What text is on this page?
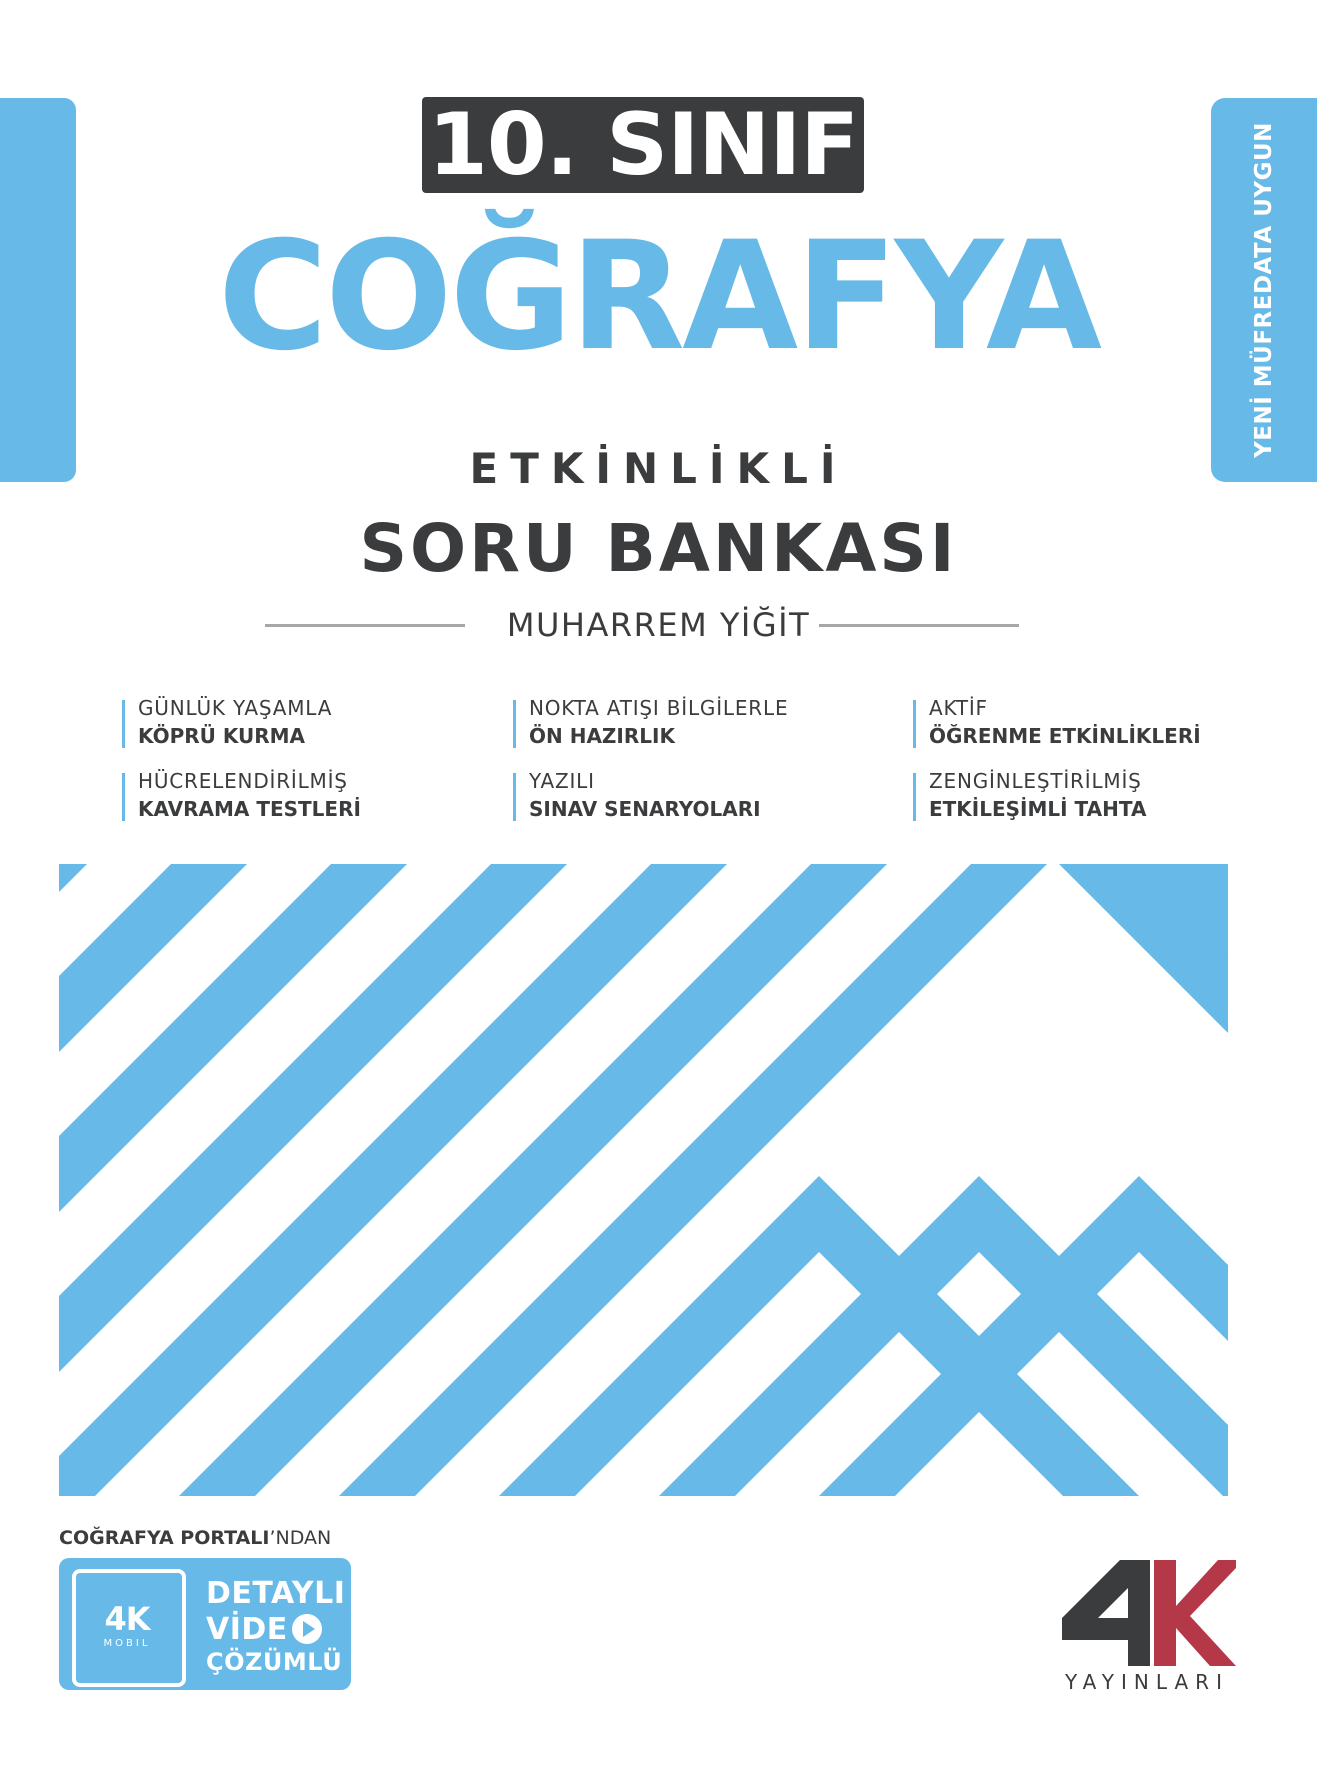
YENİ MÜFREDATA UYGUN
10. SINIF
COĞRAFYA
ETKİNLİKLİ
SORU BANKASI
MUHARREM YİĞİT
GÜNLÜK YAŞAMLA
KÖPRÜ KURMA
NOKTA ATIŞI BİLGİLERLE
ÖN HAZIRLIK
AKTİF
ÖĞRENME ETKİNLİKLERİ
HÜCRELENDİRİLMİŞ
KAVRAMA TESTLERİ
YAZILI
SINAV SENARYOLARI
ZENGİNLEŞTİRİLMİŞ
ETKİLEŞİMLİ TAHTA
COĞRAFYA PORTALI’NDAN
4K
MOBIL
DETAYLI
VİDE
ÇÖZÜMLÜ
YAYINLARI
